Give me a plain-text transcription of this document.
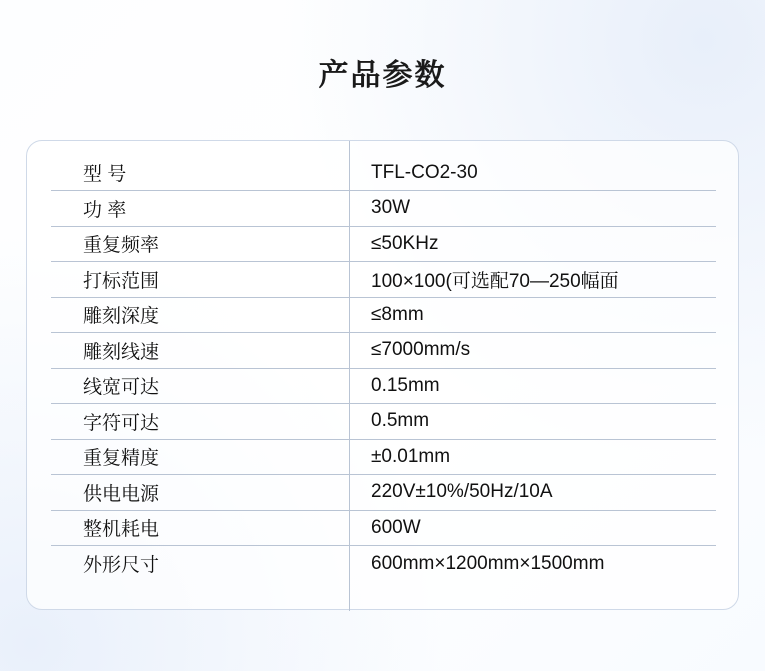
产品参数
型 号	TFL-CO2-30
功 率	30W
重复频率	≤50KHz
打标范围	100×100(可选配70—250幅面
雕刻深度	≤8mm
雕刻线速	≤7000mm/s
线宽可达	0.15mm
字符可达	0.5mm
重复精度	±0.01mm
供电电源	220V±10%/50Hz/10A
整机耗电	600W
外形尺寸	600mm×1200mm×1500mm
